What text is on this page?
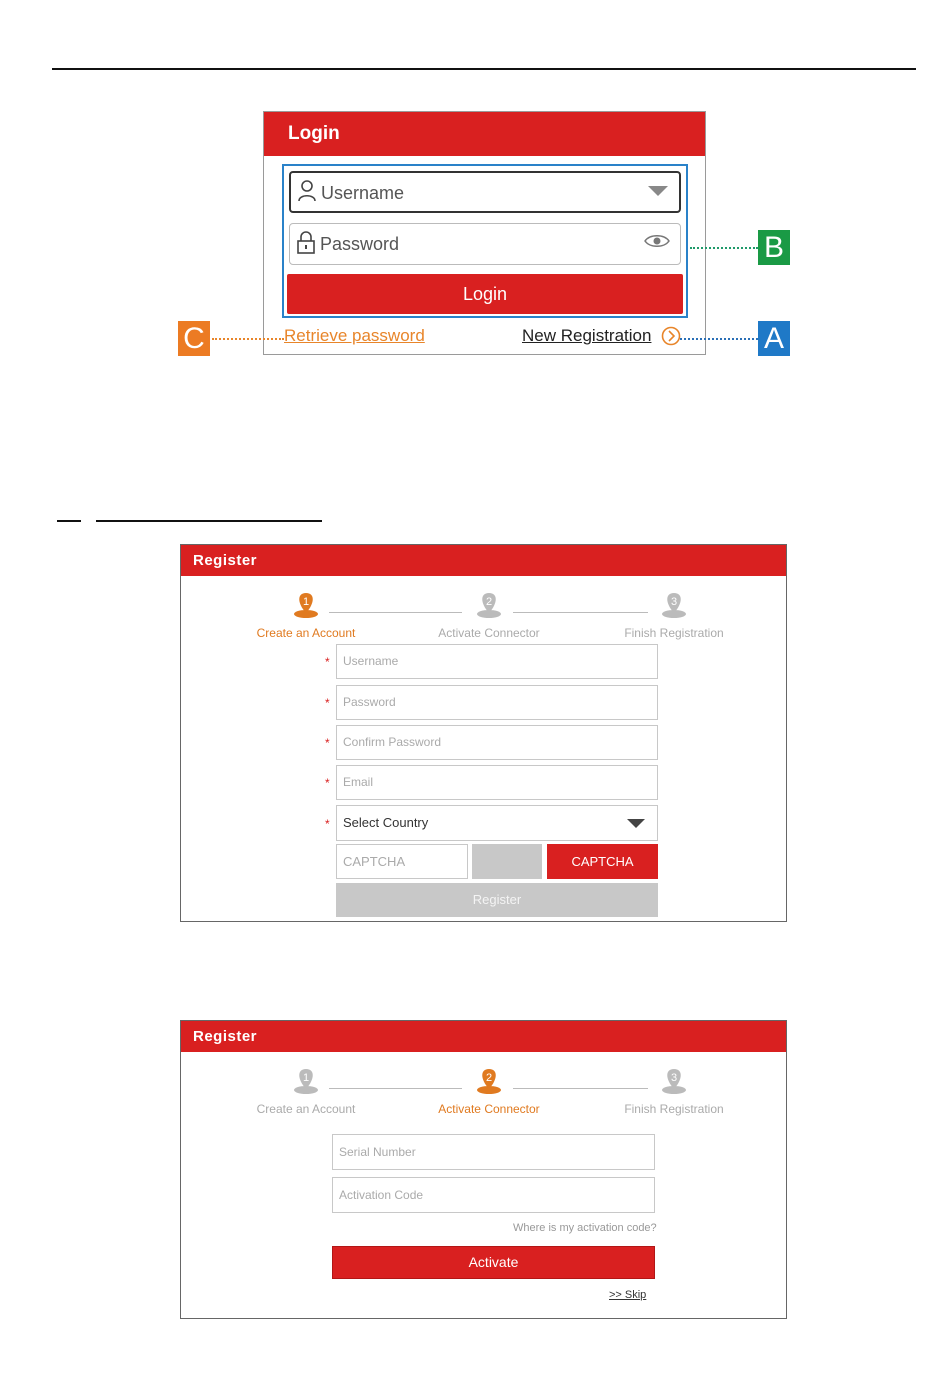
Login
Username
Password
Login
Retrieve password	New Registration
B
A
C
Register
1
Create an Account
2
Activate Connector
3
Finish Registration
*	Username
*	Password
*	Confirm Password
*	Email
*	Select Country
CAPTCHA	CAPTCHA
Register
Register
1
Create an Account
2
Activate Connector
3
Finish Registration
Serial Number
Activation Code
Where is my activation code?
Activate
>> Skip
